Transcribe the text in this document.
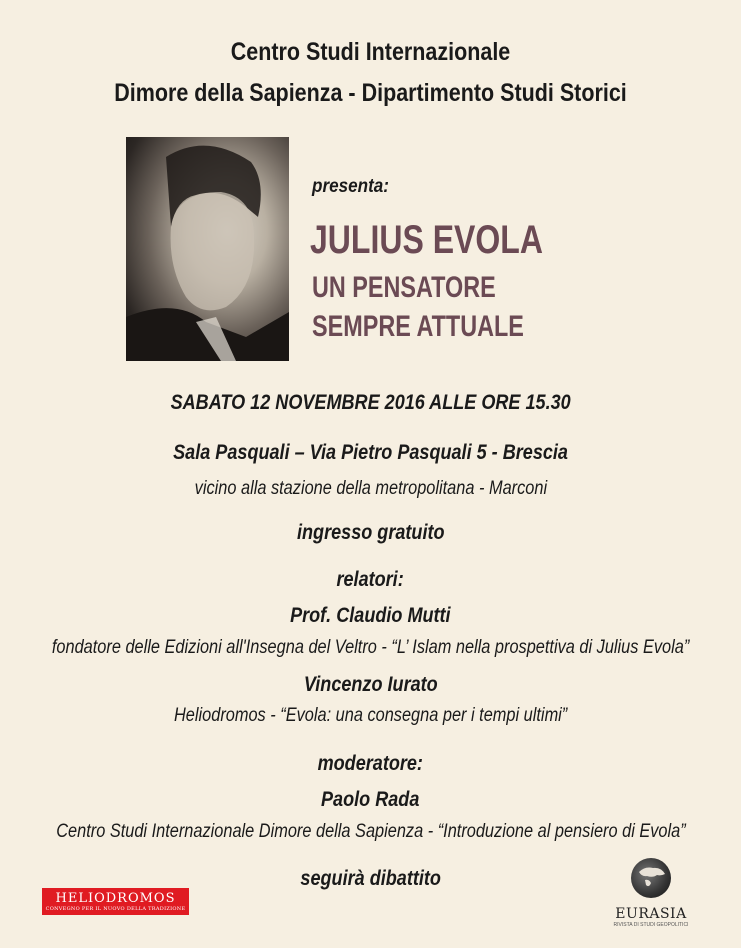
Centro Studi Internazionale
Dimore della Sapienza - Dipartimento Studi Storici
presenta:
JULIUS EVOLA
UN PENSATORE
SEMPRE ATTUALE
SABATO 12 NOVEMBRE 2016 ALLE ORE 15.30
Sala Pasquali – Via Pietro Pasquali 5 - Brescia
vicino alla stazione della metropolitana - Marconi
ingresso gratuito
relatori:
Prof. Claudio Mutti
fondatore delle Edizioni all'Insegna del Veltro - “L’ Islam nella prospettiva di Julius Evola”
Vincenzo Iurato
Heliodromos - “Evola: una consegna per i tempi ultimi”
moderatore:
Paolo Rada
Centro Studi Internazionale Dimore della Sapienza - “Introduzione al pensiero di Evola”
seguirà dibattito
HELIODROMOS
CONVEGNO PER IL NUOVO DELLA TRADIZIONE	EURASIA
RIVISTA DI STUDI GEOPOLITICI
